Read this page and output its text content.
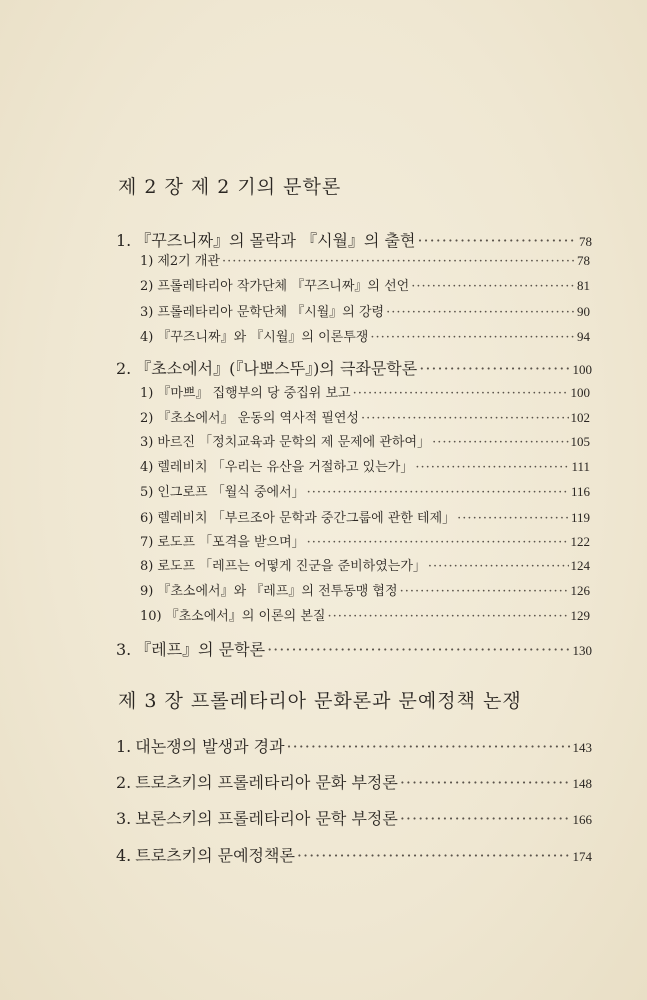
제 2 장 제 2 기의 문학론
1. 『꾸즈니짜』의 몰락과 『시월』의 출현 ·····	78
1) 제2기 개관 ·····	78
2) 프롤레타리아 작가단체 『꾸즈니짜』의 선언 ·····	81
3) 프롤레타리아 문학단체 『시월』의 강령 ·····	90
4) 『꾸즈니짜』와 『시월』의 이론투쟁 ·····	94
2. 『초소에서』(『나뽀스뚜』)의 극좌문학론 ·····	100
1) 『마쁘』 집행부의 당 중집위 보고 ·····	100
2) 『초소에서』 운동의 역사적 필연성 ·····	102
3) 바르진 「정치교육과 문학의 제 문제에 관하여」 ·····	105
4) 렐레비치 「우리는 유산을 거절하고 있는가」 ·····	111
5) 인그로프 「월식 중에서」 ·····	116
6) 렐레비치 「부르조아 문학과 중간그룹에 관한 테제」 ·····	119
7) 로도프 「포격을 받으며」 ·····	122
8) 로도프 「레프는 어떻게 진군을 준비하였는가」 ·····	124
9) 『초소에서』와 『레프』의 전투동맹 협정 ·····	126
10) 『초소에서』의 이론의 본질 ·····	129
3. 『레프』의 문학론 ·····	130
제 3 장 프롤레타리아 문화론과 문예정책 논쟁
1. 대논쟁의 발생과 경과 ·····	143
2. 트로츠키의 프롤레타리아 문화 부정론 ·····	148
3. 보론스키의 프롤레타리아 문학 부정론 ·····	166
4. 트로츠키의 문예정책론 ·····	174
